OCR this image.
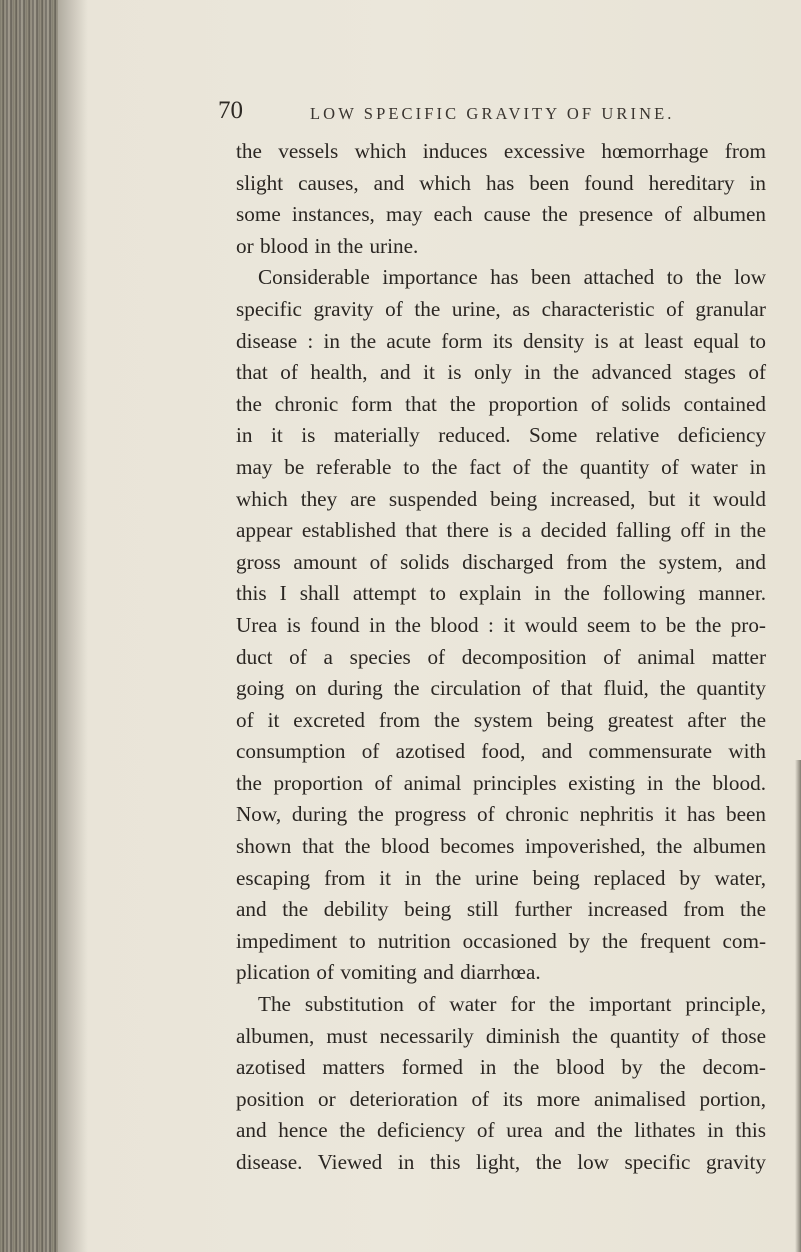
70	LOW SPECIFIC GRAVITY OF URINE.
the vessels which induces excessive hœmorrhage from
slight causes, and which has been found hereditary in
some instances, may each cause the presence of albumen
or blood in the urine.
Considerable importance has been attached to the low
specific gravity of the urine, as characteristic of granular
disease : in the acute form its density is at least equal to
that of health, and it is only in the advanced stages of
the chronic form that the proportion of solids contained
in it is materially reduced. Some relative deficiency
may be referable to the fact of the quantity of water in
which they are suspended being increased, but it would
appear established that there is a decided falling off in the
gross amount of solids discharged from the system, and
this I shall attempt to explain in the following manner.
Urea is found in the blood : it would seem to be the pro-
duct of a species of decomposition of animal matter
going on during the circulation of that fluid, the quantity
of it excreted from the system being greatest after the
consumption of azotised food, and commensurate with
the proportion of animal principles existing in the blood.
Now, during the progress of chronic nephritis it has been
shown that the blood becomes impoverished, the albumen
escaping from it in the urine being replaced by water,
and the debility being still further increased from the
impediment to nutrition occasioned by the frequent com-
plication of vomiting and diarrhœa.
The substitution of water for the important principle,
albumen, must necessarily diminish the quantity of those
azotised matters formed in the blood by the decom-
position or deterioration of its more animalised portion,
and hence the deficiency of urea and the lithates in this
disease. Viewed in this light, the low specific gravity
